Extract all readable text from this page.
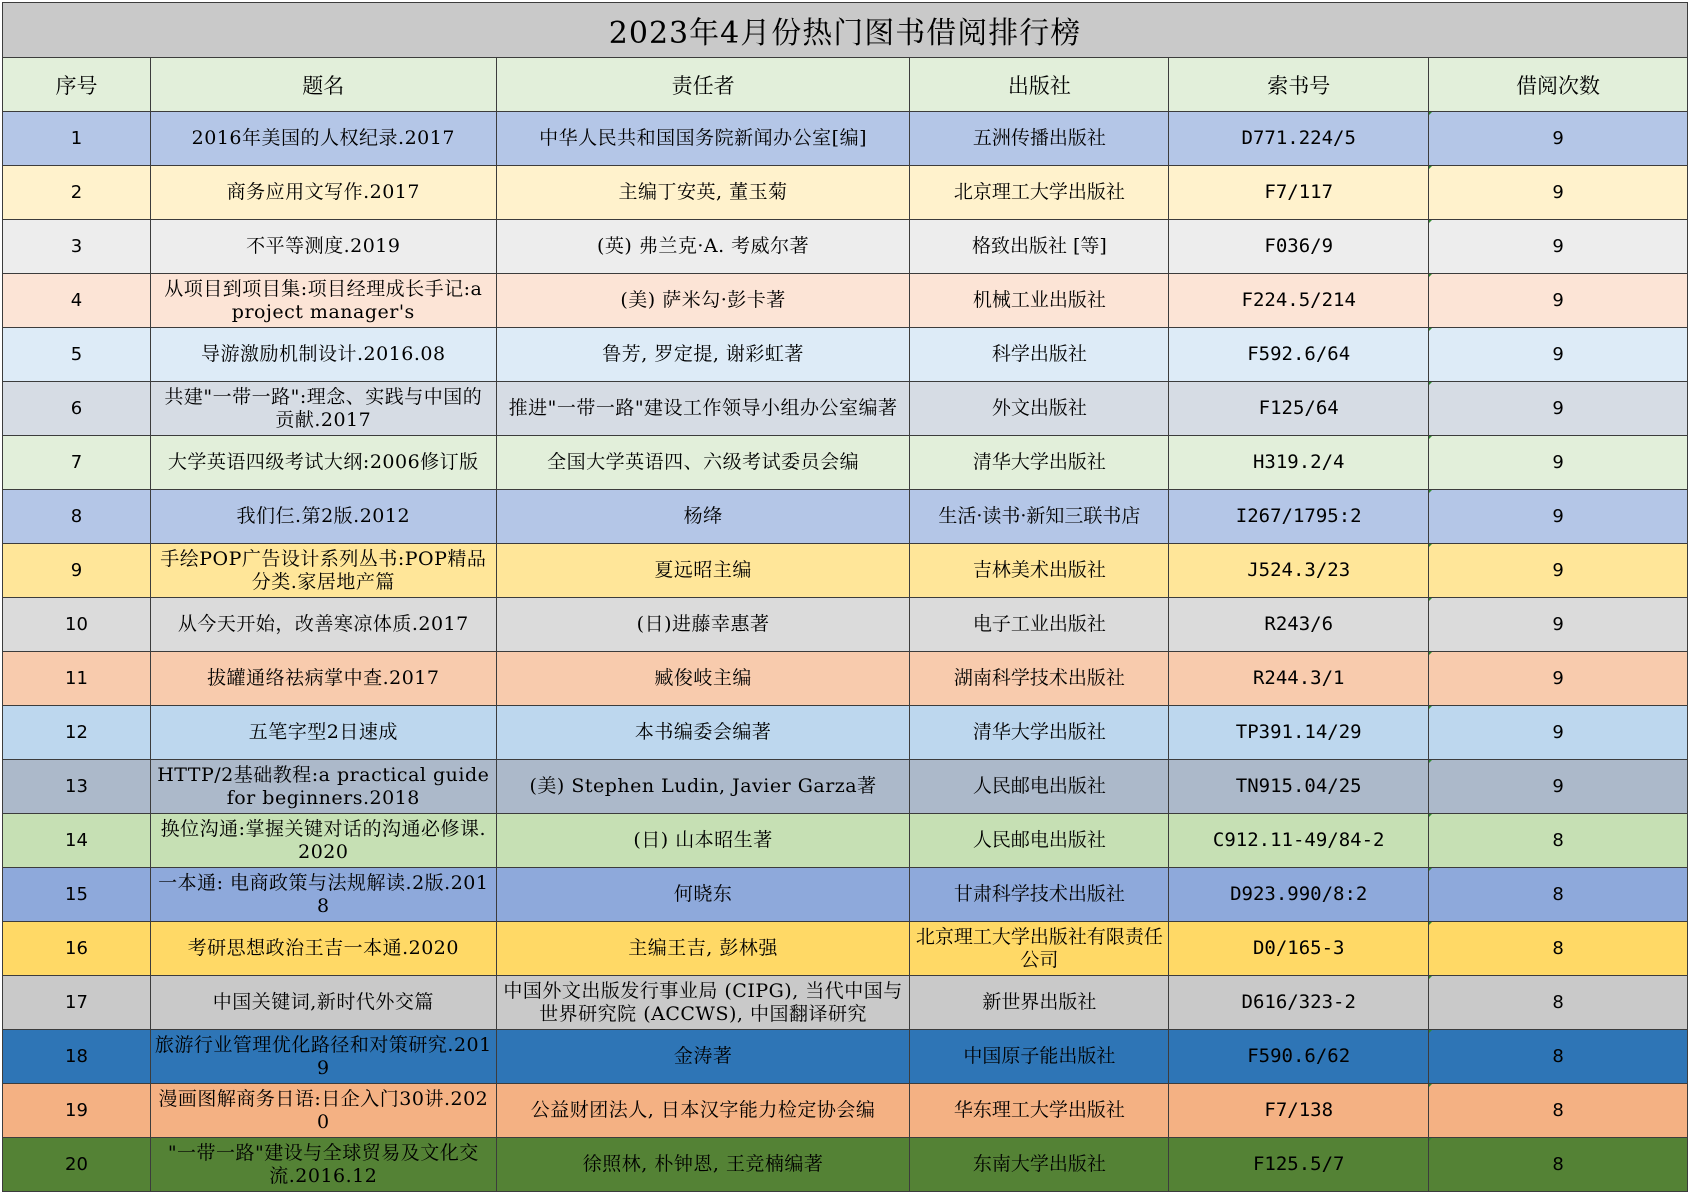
2023年4月份热门图书借阅排行榜					
序号	题名	责任者	出版社	索书号	借阅次数

1	2016年美国的人权纪录.2017	中华人民共和国国务院新闻办公室[编]	五洲传播出版社	D771.224/5	9

2	商务应用文写作.2017	主编丁安英, 董玉菊	北京理工大学出版社	F7/117	9

3	不平等测度.2019	(英) 弗兰克·A. 考威尔著	格致出版社 [等]	F036/9	9

4	从项目到项目集:项目经理成长手记:a project manager's	(美) 萨米勾·彭卡著	机械工业出版社	F224.5/214	9

5	导游激励机制设计.2016.08	鲁芳, 罗定提, 谢彩虹著	科学出版社	F592.6/64	9

6	共建"一带一路":理念、实践与中国的贡献.2017	推进"一带一路"建设工作领导小组办公室编著	外文出版社	F125/64	9

7	大学英语四级考试大纲:2006修订版	全国大学英语四、六级考试委员会编	清华大学出版社	H319.2/4	9

8	我们仨.第2版.2012	杨绛	生活·读书·新知三联书店	I267/1795:2	9

9	手绘POP广告设计系列丛书:POP精品分类.家居地产篇	夏远昭主编	吉林美术出版社	J524.3/23	9

10	从今天开始，改善寒凉体质.2017	(日)进藤幸惠著	电子工业出版社	R243/6	9

11	拔罐通络祛病掌中查.2017	臧俊岐主编	湖南科学技术出版社	R244.3/1	9

12	五笔字型2日速成	本书编委会编著	清华大学出版社	TP391.14/29	9

13	HTTP/2基础教程:a practical guide for beginners.2018	(美) Stephen Ludin, Javier Garza著	人民邮电出版社	TN915.04/25	9

14	换位沟通:掌握关键对话的沟通必修课.2020	(日) 山本昭生著	人民邮电出版社	C912.11-49/84-2	8

15	一本通: 电商政策与法规解读.2版.2018	何晓东	甘肃科学技术出版社	D923.990/8:2	8

16	考研思想政治王吉一本通.2020	主编王吉, 彭林强	北京理工大学出版社有限责任公司	D0/165-3	8

17	中国关键词,新时代外交篇	中国外文出版发行事业局 (CIPG), 当代中国与世界研究院 (ACCWS), 中国翻译研究	新世界出版社	D616/323-2	8

18	旅游行业管理优化路径和对策研究.2019	金涛著	中国原子能出版社	F590.6/62	8

19	漫画图解商务日语:日企入门30讲.2020	公益财团法人, 日本汉字能力检定协会编	华东理工大学出版社	F7/138	8

20	"一带一路"建设与全球贸易及文化交流.2016.12	徐照林, 朴钟恩, 王竞楠编著	东南大学出版社	F125.5/7	8
